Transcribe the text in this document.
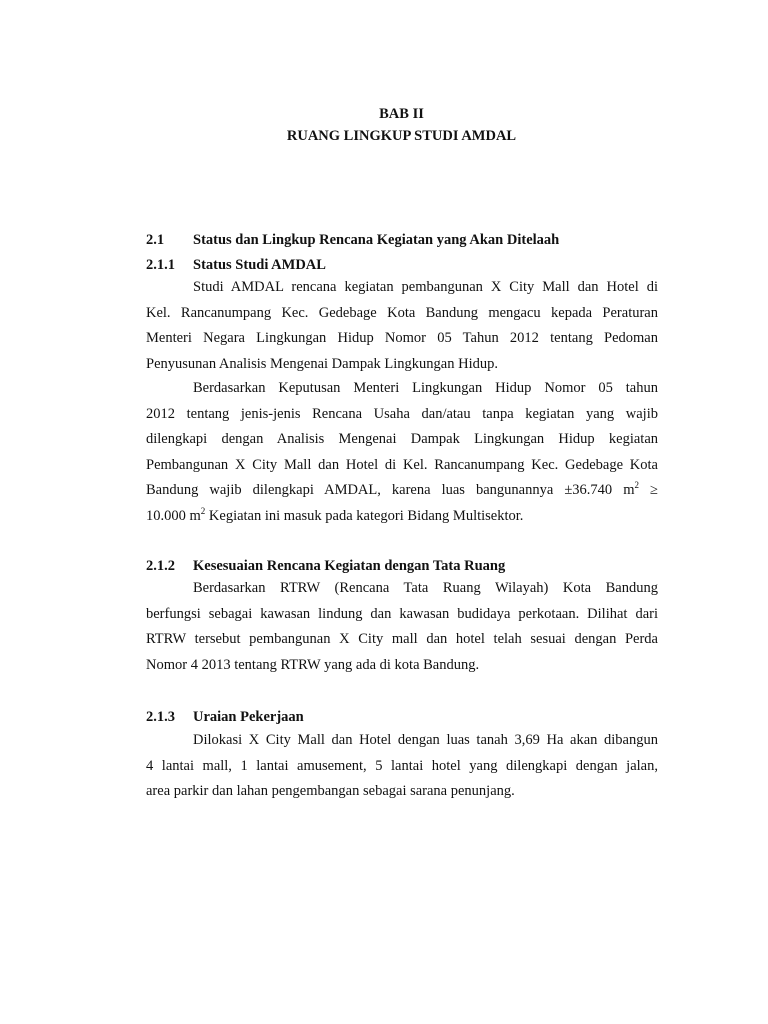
BAB II
RUANG LINGKUP STUDI AMDAL
2.1 Status dan Lingkup Rencana Kegiatan yang Akan Ditelaah
2.1.1 Status Studi AMDAL
Studi AMDAL rencana kegiatan pembangunan X City Mall dan Hotel di
Kel. Rancanumpang Kec. Gedebage Kota Bandung mengacu kepada Peraturan
Menteri Negara Lingkungan Hidup Nomor 05 Tahun 2012 tentang Pedoman
Penyusunan Analisis Mengenai Dampak Lingkungan Hidup.
Berdasarkan Keputusan Menteri Lingkungan Hidup Nomor 05 tahun
2012 tentang jenis-jenis Rencana Usaha dan/atau tanpa kegiatan yang wajib
dilengkapi dengan Analisis Mengenai Dampak Lingkungan Hidup kegiatan
Pembangunan X City Mall dan Hotel di Kel. Rancanumpang Kec. Gedebage Kota
Bandung wajib dilengkapi AMDAL, karena luas bangunannya ±36.740 $m^2$ ≥
10.000 $m^2$ Kegiatan ini masuk pada kategori Bidang Multisektor.
2.1.2 Kesesuaian Rencana Kegiatan dengan Tata Ruang
Berdasarkan RTRW (Rencana Tata Ruang Wilayah) Kota Bandung
berfungsi sebagai kawasan lindung dan kawasan budidaya perkotaan. Dilihat dari
RTRW tersebut pembangunan X City mall dan hotel telah sesuai dengan Perda
Nomor 4 2013 tentang RTRW yang ada di kota Bandung.
2.1.3 Uraian Pekerjaan
Dilokasi X City Mall dan Hotel dengan luas tanah 3,69 Ha akan dibangun
4 lantai mall, 1 lantai amusement, 5 lantai hotel yang dilengkapi dengan jalan,
area parkir dan lahan pengembangan sebagai sarana penunjang.
